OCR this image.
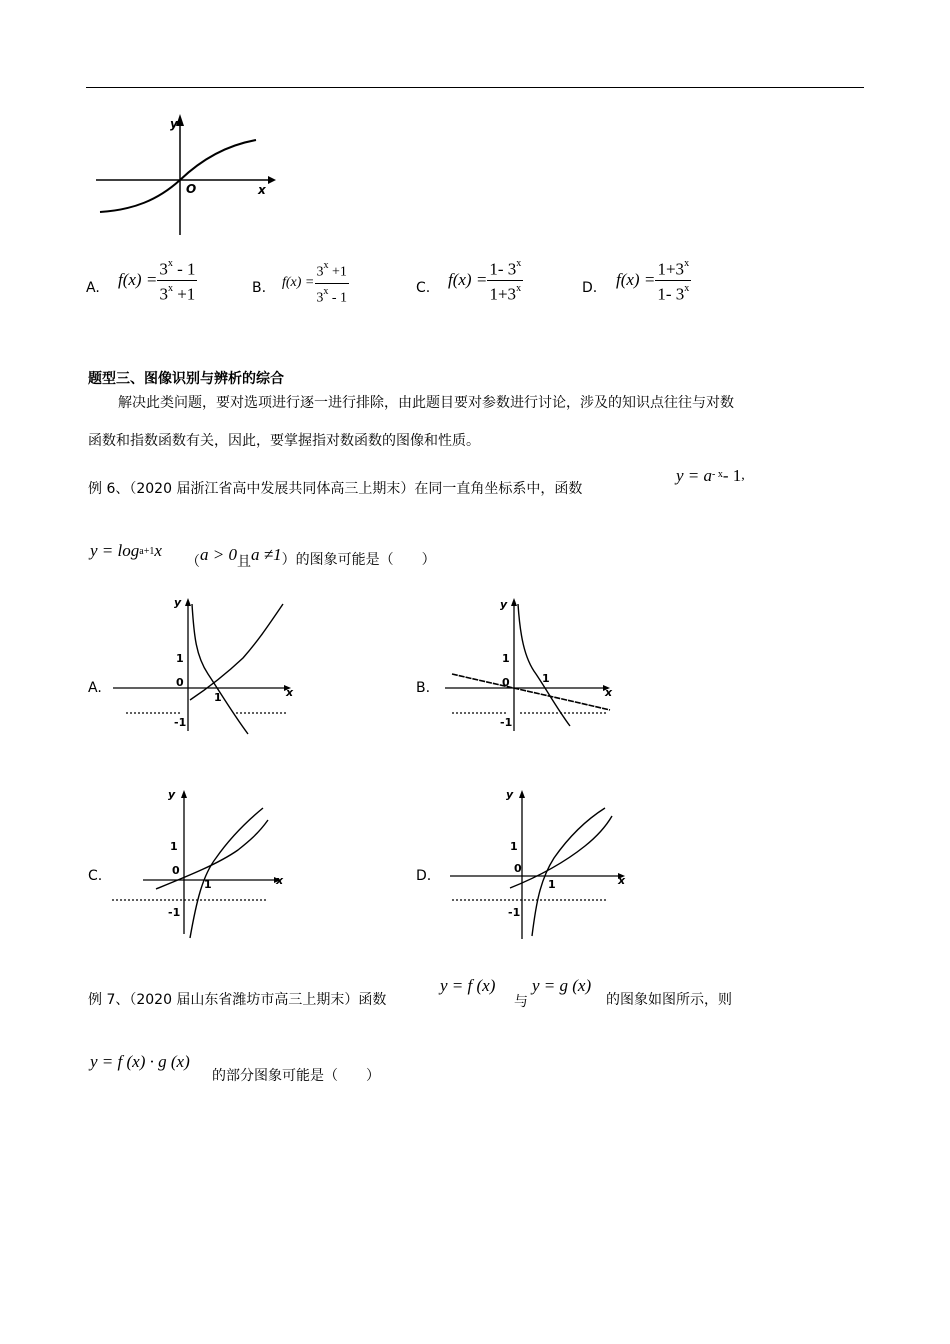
y
x
O
A. $f(x) = \frac{3^x - 1}{3^x +1}$	B. $f(x) = \frac{3^x +1}{3^x - 1}$	C. $f(x) = \frac{1- 3^x}{1+3^x}$	D. $f(x) = \frac{1+3^x}{1- 3^x}$
题型三、图像识别与辨析的综合
解决此类问题，要对选项进行逐一进行排除，由此题目要对参数进行讨论，涉及的知识点往往与对数
函数和指数函数有关，因此，要掌握指对数函数的图像和性质。
例 6、（2020 届浙江省高中发展共同体高三上期末）在同一直角坐标系中，函数
$y = a^{- x} - 1$ ,
y = log a+1 x
（ a > 0 且 a ≠1 ）的图象可能是（　　）
A.
y
x
1
0
1
-1
B.
y
x
1
0	1
-1
C.
y
x
1
0
1
-1
D.
y
x
1
0
1
-1
例 7、（2020 届山东省潍坊市高三上期末）函数
y = f (x)
与
y = g (x)
的图象如图所示，则
y = f (x) · g (x)
的部分图象可能是（　　）
